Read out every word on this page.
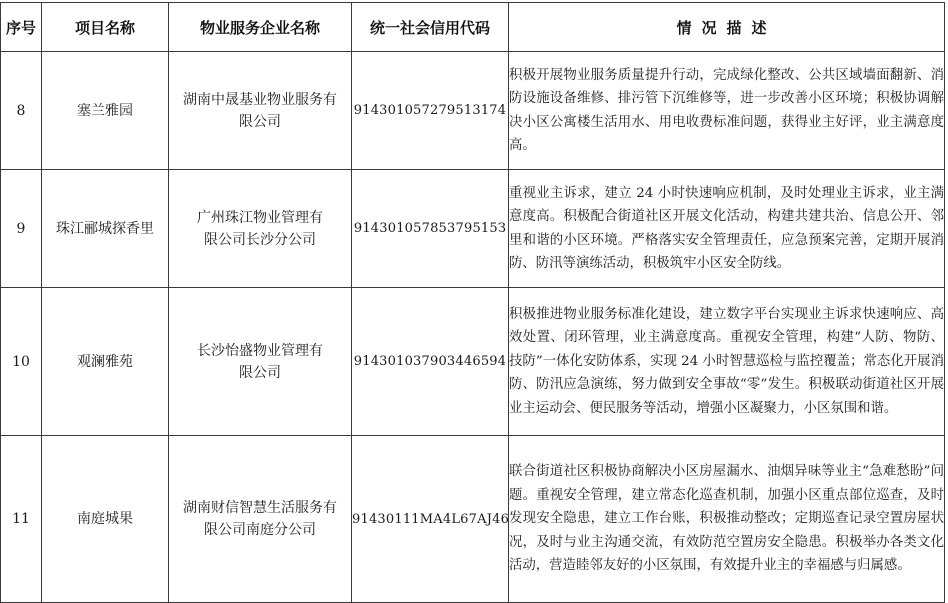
序号	项目名称	物业服务企业名称	统一社会信用代码	情况描述
8	塞兰雅园	湖南中晟基业物业服务有限公司	914301057279513174	积极开展物业服务质量提升行动，完成绿化整改、公共区域墙面翻新、消防设施设备维修、排污管下沉维修等，进一步改善小区环境；积极协调解决小区公寓楼生活用水、用电收费标准问题，获得业主好评，业主满意度高。
9	珠江郦城探香里	广州珠江物业管理有限公司长沙分公司	91430105785379515З	重视业主诉求，建立 24 小时快速响应机制，及时处理业主诉求，业主满意度高。积极配合街道社区开展文化活动，构建共建共治、信息公开、邻里和谐的小区环境。严格落实安全管理责任，应急预案完善，定期开展消防、防汛等演练活动，积极筑牢小区安全防线。
10	观澜雅苑	长沙怡盛物业管理有限公司	914301037903446594	积极推进物业服务标准化建设，建立数字平台实现业主诉求快速响应、高效处置、闭环管理，业主满意度高。重视安全管理，构建“人防、物防、技防”一体化安防体系，实现 24 小时智慧巡检与监控覆盖；常态化开展消防、防汛应急演练，努力做到安全事故“零”发生。积极联动街道社区开展业主运动会、便民服务等活动，增强小区凝聚力，小区氛围和谐。
11	南庭城果	湖南财信智慧生活服务有限公司南庭分公司	91430111MA4L67AJ46	联合街道社区积极协商解决小区房屋漏水、油烟异味等业主“急难愁盼”问题。重视安全管理，建立常态化巡查机制，加强小区重点部位巡查，及时发现安全隐患，建立工作台账，积极推动整改；定期巡查记录空置房屋状况，及时与业主沟通交流，有效防范空置房安全隐患。积极举办各类文化活动，营造睦邻友好的小区氛围，有效提升业主的幸福感与归属感。
